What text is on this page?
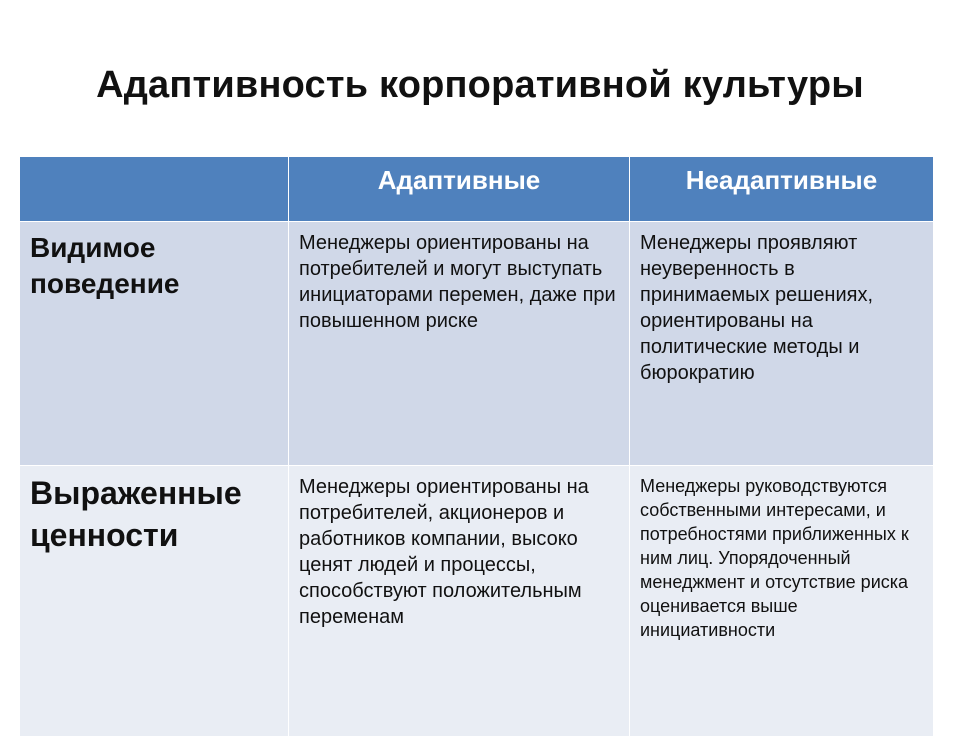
Адаптивность корпоративной культуры

	Адаптивные	Неадаптивные

Видимое поведение	Менеджеры ориентированы на потребителей и могут выступать инициаторами перемен, даже при повышенном риске	Менеджеры проявляют неуверенность в принимаемых решениях, ориентированы на политические методы и бюрократию
Выраженные ценности	Менеджеры ориентированы на потребителей, акционеров и работников компании, высоко ценят людей и процессы, способствуют положительным переменам	Менеджеры руководствуются собственными интересами, и потребностями приближенных к ним лиц. Упорядоченный менеджмент и отсутствие риска оценивается выше инициативности
